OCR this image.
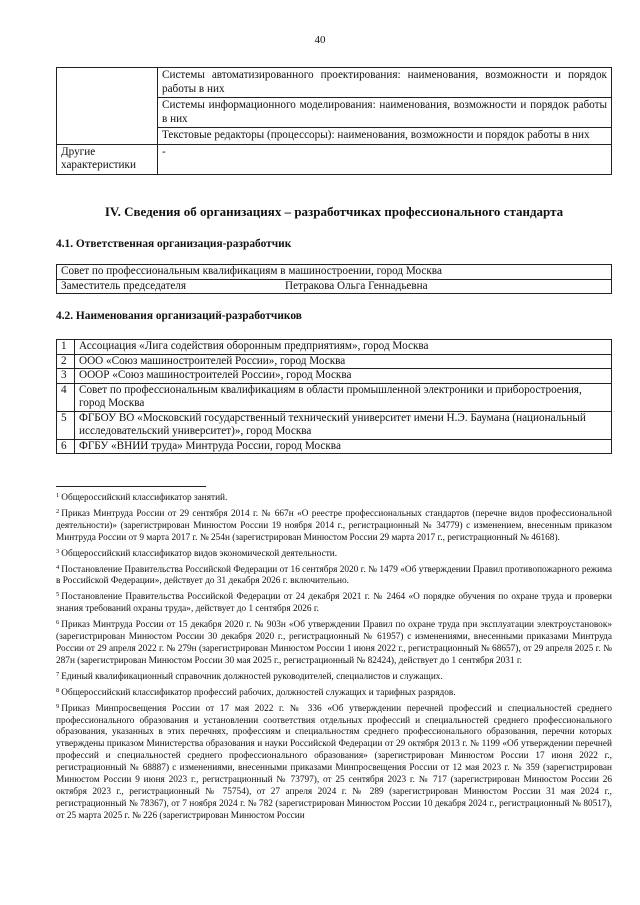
40
	Системы автоматизированного проектирования: наименования, возможности и порядок работы в них
	Системы информационного моделирования: наименования, возможности и порядок работы в них
	Текстовые редакторы (процессоры): наименования, возможности и порядок работы в них
Другие характеристики	-
IV. Сведения об организациях – разработчиках профессионального стандарта
4.1. Ответственная организация-разработчик
Совет по профессиональным квалификациям в машиностроении, город Москва
Заместитель председателя	Петракова Ольга Геннадьевна
4.2. Наименования организаций-разработчиков
1	Ассоциация «Лига содействия оборонным предприятиям», город Москва
2	ООО «Союз машиностроителей России», город Москва
3	ОООР «Союз машиностроителей России», город Москва
4	Совет по профессиональным квалификациям в области промышленной электроники и приборостроения, город Москва
5	ФГБОУ ВО «Московский государственный технический университет имени Н.Э. Баумана (национальный исследовательский университет)», город Москва
6	ФГБУ «ВНИИ труда» Минтруда России, город Москва
$^1$ Общероссийский классификатор занятий.
$^2$ Приказ Минтруда России от 29 сентября 2014 г. № 667н «О реестре профессиональных стандартов (перечне видов профессиональной деятельности)» (зарегистрирован Минюстом России 19 ноября 2014 г., регистрационный № 34779) с изменением, внесенным приказом Минтруда России от 9 марта 2017 г. № 254н (зарегистрирован Минюстом России 29 марта 2017 г., регистрационный № 46168).
$^3$ Общероссийский классификатор видов экономической деятельности.
$^4$ Постановление Правительства Российской Федерации от 16 сентября 2020 г. № 1479 «Об утверждении Правил противопожарного режима в Российской Федерации», действует до 31 декабря 2026 г. включительно.
$^5$ Постановление Правительства Российской Федерации от 24 декабря 2021 г. № 2464 «О порядке обучения по охране труда и проверки знания требований охраны труда», действует до 1 сентября 2026 г.
$^6$ Приказ Минтруда России от 15 декабря 2020 г. № 903н «Об утверждении Правил по охране труда при эксплуатации электроустановок» (зарегистрирован Минюстом России 30 декабря 2020 г., регистрационный № 61957) с изменениями, внесенными приказами Минтруда России от 29 апреля 2022 г. № 279н (зарегистрирован Минюстом России 1 июня 2022 г., регистрационный № 68657), от 29 апреля 2025 г. № 287н (зарегистрирован Минюстом России 30 мая 2025 г., регистрационный № 82424), действует до 1 сентября 2031 г.
$^7$ Единый квалификационный справочник должностей руководителей, специалистов и служащих.
$^8$ Общероссийский классификатор профессий рабочих, должностей служащих и тарифных разрядов.
$^9$ Приказ Минпросвещения России от 17 мая 2022 г. № 336 «Об утверждении перечней профессий и специальностей среднего профессионального образования и установлении соответствия отдельных профессий и специальностей среднего профессионального образования, указанных в этих перечнях, профессиям и специальностям среднего профессионального образования, перечни которых утверждены приказом Министерства образования и науки Российской Федерации от 29 октября 2013 г. № 1199 «Об утверждении перечней профессий и специальностей среднего профессионального образования» (зарегистрирован Минюстом России 17 июня 2022 г., регистрационный № 68887) с изменениями, внесенными приказами Минпросвещения России от 12 мая 2023 г. № 359 (зарегистрирован Минюстом России 9 июня 2023 г., регистрационный № 73797), от 25 сентября 2023 г. № 717 (зарегистрирован Минюстом России 26 октября 2023 г., регистрационный № 75754), от 27 апреля 2024 г. № 289 (зарегистрирован Минюстом России 31 мая 2024 г., регистрационный № 78367), от 7 ноября 2024 г. № 782 (зарегистрирован Минюстом России 10 декабря 2024 г., регистрационный № 80517), от 25 марта 2025 г. № 226 (зарегистрирован Минюстом России
